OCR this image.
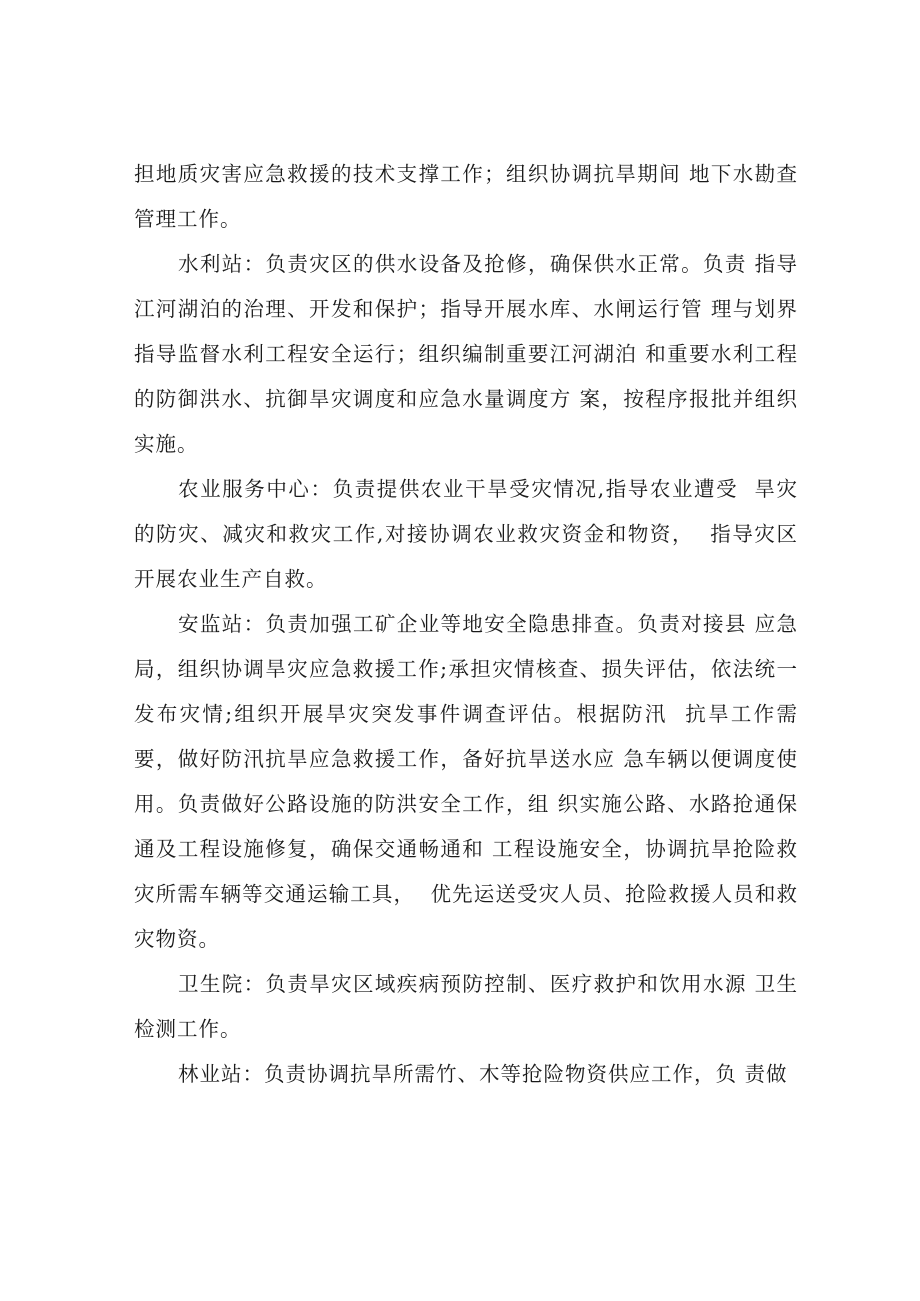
担地质灾害应急救援的技术支撑工作；组织协调抗旱期间 地下水勘查管理工作。

水利站：负责灾区的供水设备及抢修，确保供水正常。负责 指导江河湖泊的治理、开发和保护；指导开展水库、水闸运行管 理与划界指导监督水利工程安全运行；组织编制重要江河湖泊 和重要水利工程的防御洪水、抗御旱灾调度和应急水量调度方 案，按程序报批并组织实施。

农业服务中心：负责提供农业干旱受灾情况,指导农业遭受  旱灾的防灾、减灾和救灾工作,对接协调农业救灾资金和物资，  指导灾区开展农业生产自救。

安监站：负责加强工矿企业等地安全隐患排查。负责对接县 应急局，组织协调旱灾应急救援工作;承担灾情核查、损失评估，依法统一发布灾情;组织开展旱灾突发事件调查评估。根据防汛  抗旱工作需要，做好防汛抗旱应急救援工作，备好抗旱送水应 急车辆以便调度使用。负责做好公路设施的防洪安全工作，组 织实施公路、水路抢通保通及工程设施修复，确保交通畅通和 工程设施安全，协调抗旱抢险救灾所需车辆等交通运输工具，  优先运送受灾人员、抢险救援人员和救灾物资。

卫生院：负责旱灾区域疾病预防控制、医疗救护和饮用水源 卫生检测工作。

林业站：负责协调抗旱所需竹、木等抢险物资供应工作，负 责做
